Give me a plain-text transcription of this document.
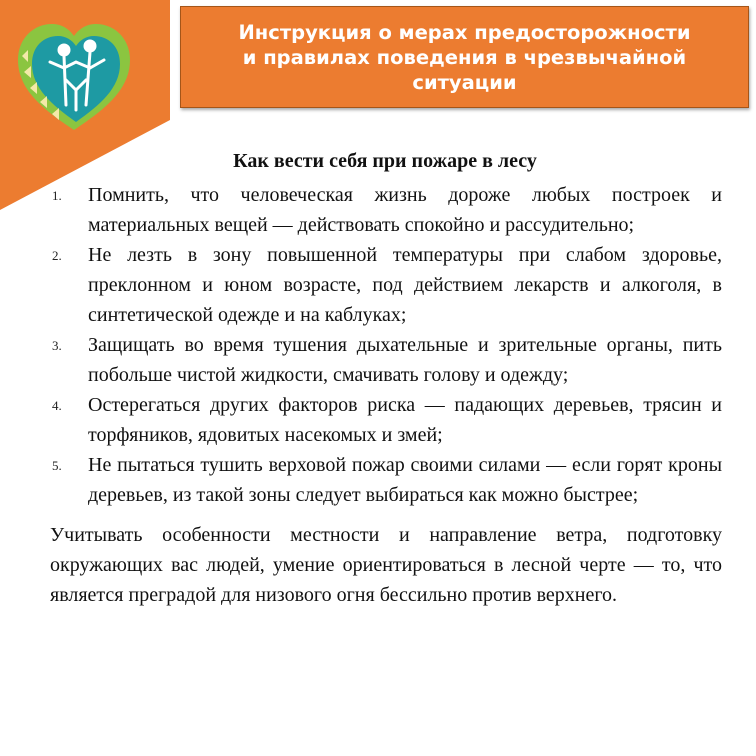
Инструкция о мерах предосторожности
и правилах поведения в чрезвычайной
ситуации
Как вести себя при пожаре в лесу
1. Помнить, что человеческая жизнь дороже любых построек и материальных вещей — действовать спокойно и рассудительно;
2. Не лезть в зону повышенной температуры при слабом здоровье, преклонном и юном возрасте, под действием лекарств и алкоголя, в синтетической одежде и на каблуках;
3. Защищать во время тушения дыхательные и зрительные органы, пить побольше чистой жидкости, смачивать голову и одежду;
4. Остерегаться других факторов риска — падающих деревьев, трясин и торфяников, ядовитых насекомых и змей;
5. Не пытаться тушить верховой пожар своими силами — если горят кроны деревьев, из такой зоны следует выбираться как можно быстрее;

Учитывать особенности местности и направление ветра, подготовку окружающих вас людей, умение ориентироваться в лесной черте — то, что является преградой для низового огня бессильно против верхнего.
